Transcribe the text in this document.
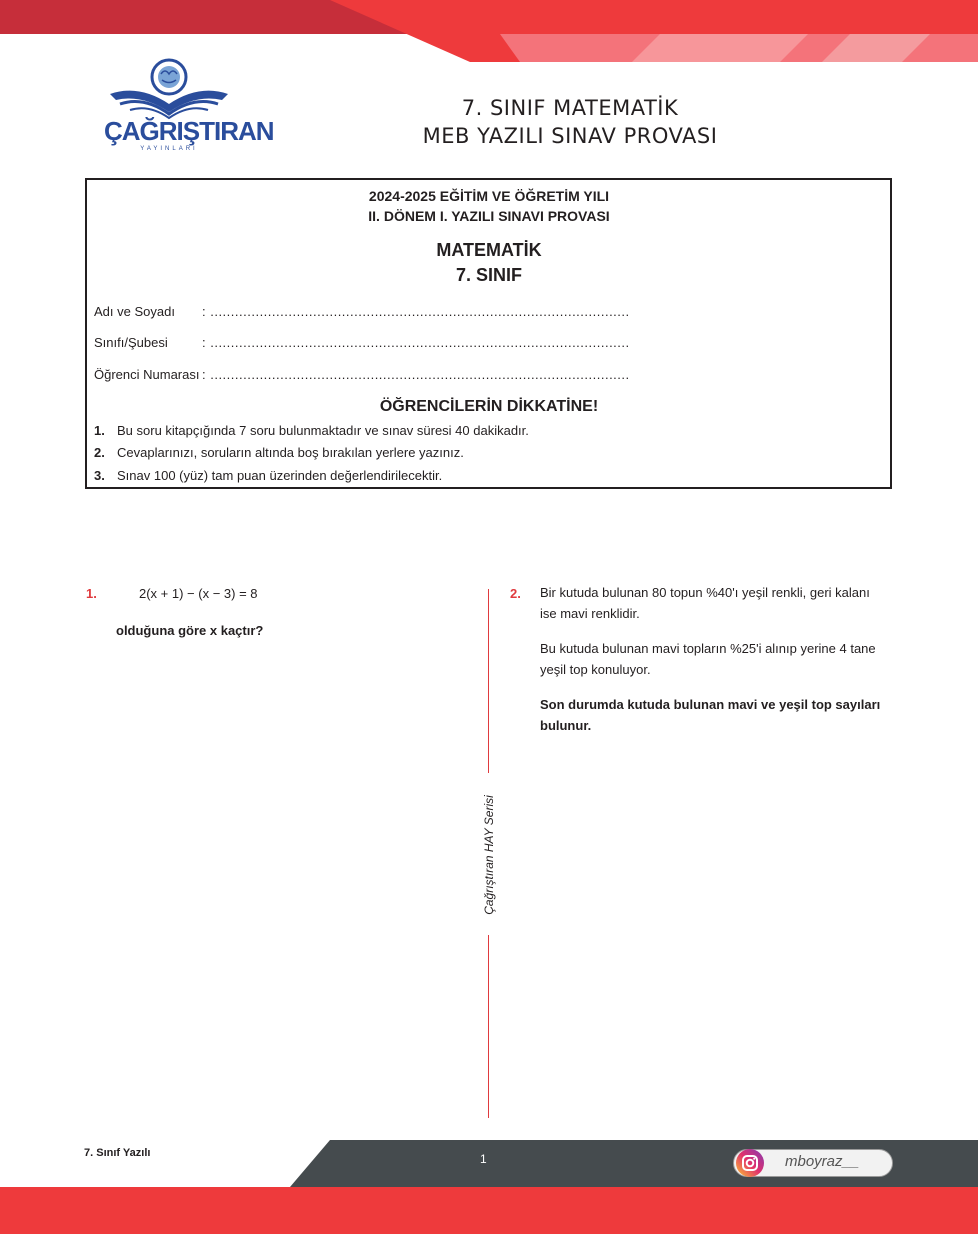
ÇAĞRIŞTIRAN
YAYINLARI
7. SINIF MATEMATİK
MEB YAZILI SINAV PROVASI
2024-2025 EĞİTİM VE ÖĞRETİM YILI
II. DÖNEM I. YAZILI SINAVI PROVASI
MATEMATİK
7. SINIF
Adı ve Soyadı : ......................................................................................................
Sınıfı/Şubesi	: ......................................................................................................
Öğrenci Numarası : ......................................................................................................
ÖĞRENCİLERİN DİKKATİNE!
1. Bu soru kitapçığında 7 soru bulunmaktadır ve sınav süresi 40 dakikadır.
2. Cevaplarınızı, soruların altında boş bırakılan yerlere yazınız.
3. Sınav 100 (yüz) tam puan üzerinden değerlendirilecektir.
1.	2(x + 1) − (x − 3) = 8
olduğuna göre x kaçtır?
Çağrıştıran HAY Serisi
2. Bir kutuda bulunan 80 topun %40'ı yeşil renkli, geri kalanı
ise mavi renklidir.
Bu kutuda bulunan mavi topların %25'i alınıp yerine 4 tane
yeşil top konuluyor.
Son durumda kutuda bulunan mavi ve yeşil top sayıları
bulunur.
7. Sınıf Yazılı	1	mboyraz__
